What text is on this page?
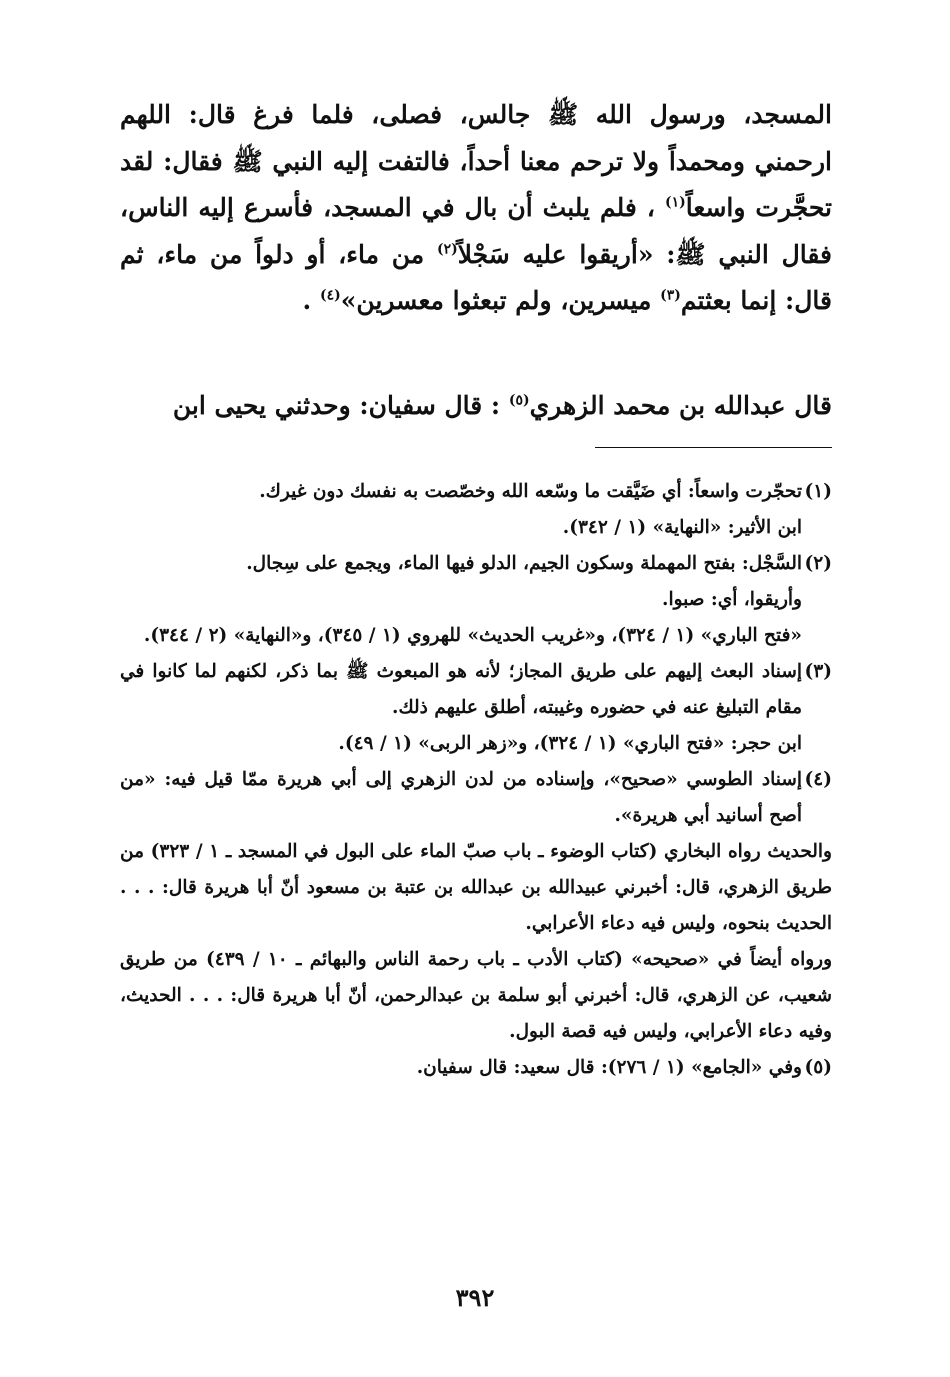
المسجد، ورسول الله ﷺ جالس، فصلى، فلما فرغ قال: اللهم ارحمني ومحمداً ولا ترحم معنا أحداً، فالتفت إليه النبي ﷺ فقال: لقد تحجَّرت واسعاً$^{(١)}$ ، فلم يلبث أن بال في المسجد، فأسرع إليه الناس، فقال النبي ﷺ: «أريقوا عليه سَجْلاً$^{(٢)}$ من ماء، أو دلواً من ماء، ثم قال: إنما بعثتم$^{(٣)}$ ميسرين، ولم تبعثوا معسرين»$^{(٤)}$ .

قال عبدالله بن محمد الزهري$^{(٥)}$ : قال سفيان: وحدثني يحيى ابن

(١)

تحجّرت واسعاً: أي ضَيَّقت ما وسّعه الله وخصّصت به نفسك دون غيرك.

ابن الأثير: «النهاية» (١ / ٣٤٢).

(٢)

السَّجْل: بفتح المهملة وسكون الجيم، الدلو فيها الماء، ويجمع على سِجال.

وأريقوا، أي: صبوا.

«فتح الباري» (١ / ٣٢٤)، و«غريب الحديث» للهروي (١ / ٣٤٥)، و«النهاية» (٢ / ٣٤٤).

(٣)

إسناد البعث إليهم على طريق المجاز؛ لأنه هو المبعوث ﷺ بما ذكر، لكنهم لما كانوا في مقام التبليغ عنه في حضوره وغيبته، أطلق عليهم ذلك.

ابن حجر: «فتح الباري» (١ / ٣٢٤)، و«زهر الربى» (١ / ٤٩).

(٤)

إسناد الطوسي «صحيح»، وإسناده من لدن الزهري إلى أبي هريرة ممّا قيل فيه: «من أصح أسانيد أبي هريرة».

والحديث رواه البخاري (كتاب الوضوء ـ باب صبّ الماء على البول في المسجد ـ ١ / ٣٢٣) من طريق الزهري، قال: أخبرني عبيدالله بن عبدالله بن عتبة بن مسعود أنّ أبا هريرة قال: . . . الحديث بنحوه، وليس فيه دعاء الأعرابي.

ورواه أيضاً في «صحيحه» (كتاب الأدب ـ باب رحمة الناس والبهائم ـ ١٠ / ٤٣٩) من طريق شعيب، عن الزهري، قال: أخبرني أبو سلمة بن عبدالرحمن، أنّ أبا هريرة قال: . . . الحديث، وفيه دعاء الأعرابي، وليس فيه قصة البول.

(٥)

وفي «الجامع» (١ / ٢٧٦): قال سعيد: قال سفيان.

٣٩٢
